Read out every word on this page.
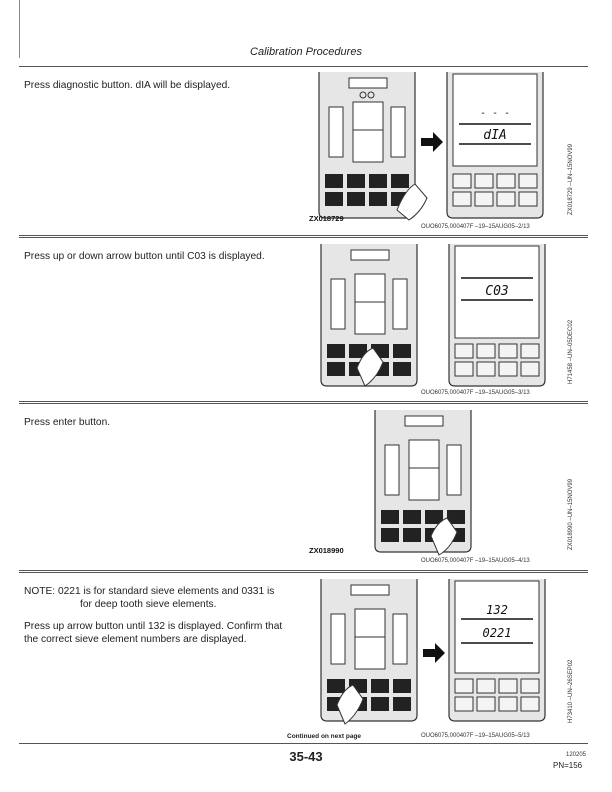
Calibration Procedures
Press diagnostic button. dIA will be displayed.
- - -
dIA
ZX018729
ZX018729 –UN–15NOV99
OUO6075,000407F –19–15AUG05–2/13
Press up or down arrow button until C03 is displayed.
C03
H71458 –UN–05DEC02
OUO6075,000407F –19–15AUG05–3/13
Press enter button.
ZX018990
ZX018990 –UN–15NOV99
OUO6075,000407F –19–15AUG05–4/13
NOTE: 0221 is for standard sieve elements and 0331 is
for deep tooth sieve elements.
Press up arrow button until 132 is displayed. Confirm that
the correct sieve element numbers are displayed.
132
0221
H73410 –UN–26SEP02
Continued on next page	OUO6075,000407F –19–15AUG05–5/13
35-43	120205
PN=156
